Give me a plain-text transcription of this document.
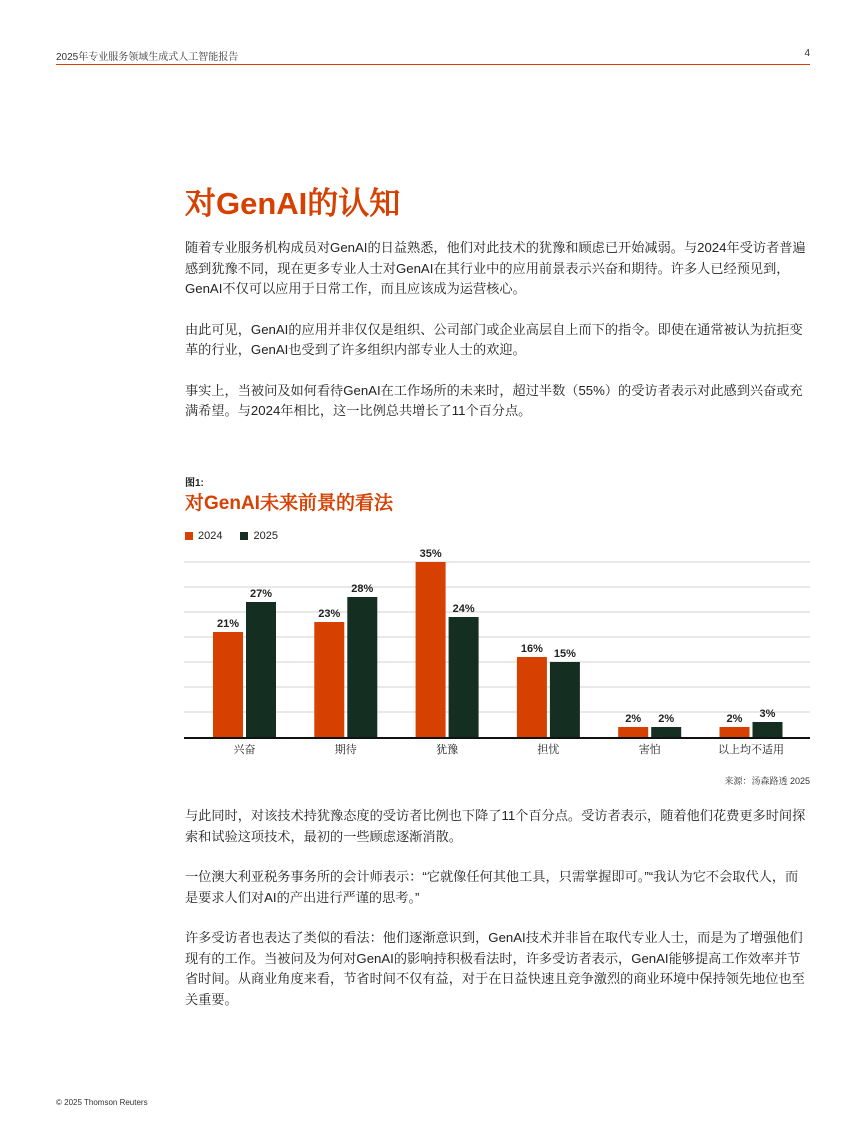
2025年专业服务领域生成式人工智能报告	4
对GenAI的认知

随着专业服务机构成员对GenAI的日益熟悉，他们对此技术的犹豫和顾虑已开始减弱。与2024年受访者普遍感到犹豫不同，现在更多专业人士对GenAI在其行业中的应用前景表示兴奋和期待。许多人已经预见到，GenAI不仅可以应用于日常工作，而且应该成为运营核心。

由此可见，GenAI的应用并非仅仅是组织、公司部门或企业高层自上而下的指令。即使在通常被认为抗拒变革的行业，GenAI也受到了许多组织内部专业人士的欢迎。

事实上，当被问及如何看待GenAI在工作场所的未来时，超过半数（55%）的受访者表示对此感到兴奋或充满希望。与2024年相比，这一比例总共增长了11个百分点。

图1:
对GenAI未来前景的看法
2024	2025
21%
27%
兴奋
23%
28%
期待
35%
24%
犹豫
16% 15%
担忧
2% 2%
害怕
2% 3%
以上均不适用
来源：汤森路透 2025

与此同时，对该技术持犹豫态度的受访者比例也下降了11个百分点。受访者表示，随着他们花费更多时间探索和试验这项技术，最初的一些顾虑逐渐消散。

一位澳大利亚税务事务所的会计师表示：“它就像任何其他工具，只需掌握即可。”“我认为它不会取代人，而是要求人们对AI的产出进行严谨的思考。”

许多受访者也表达了类似的看法：他们逐渐意识到，GenAI技术并非旨在取代专业人士，而是为了增强他们现有的工作。当被问及为何对GenAI的影响持积极看法时，许多受访者表示，GenAI能够提高工作效率并节省时间。从商业角度来看，节省时间不仅有益，对于在日益快速且竞争激烈的商业环境中保持领先地位也至关重要。

© 2025 Thomson Reuters
